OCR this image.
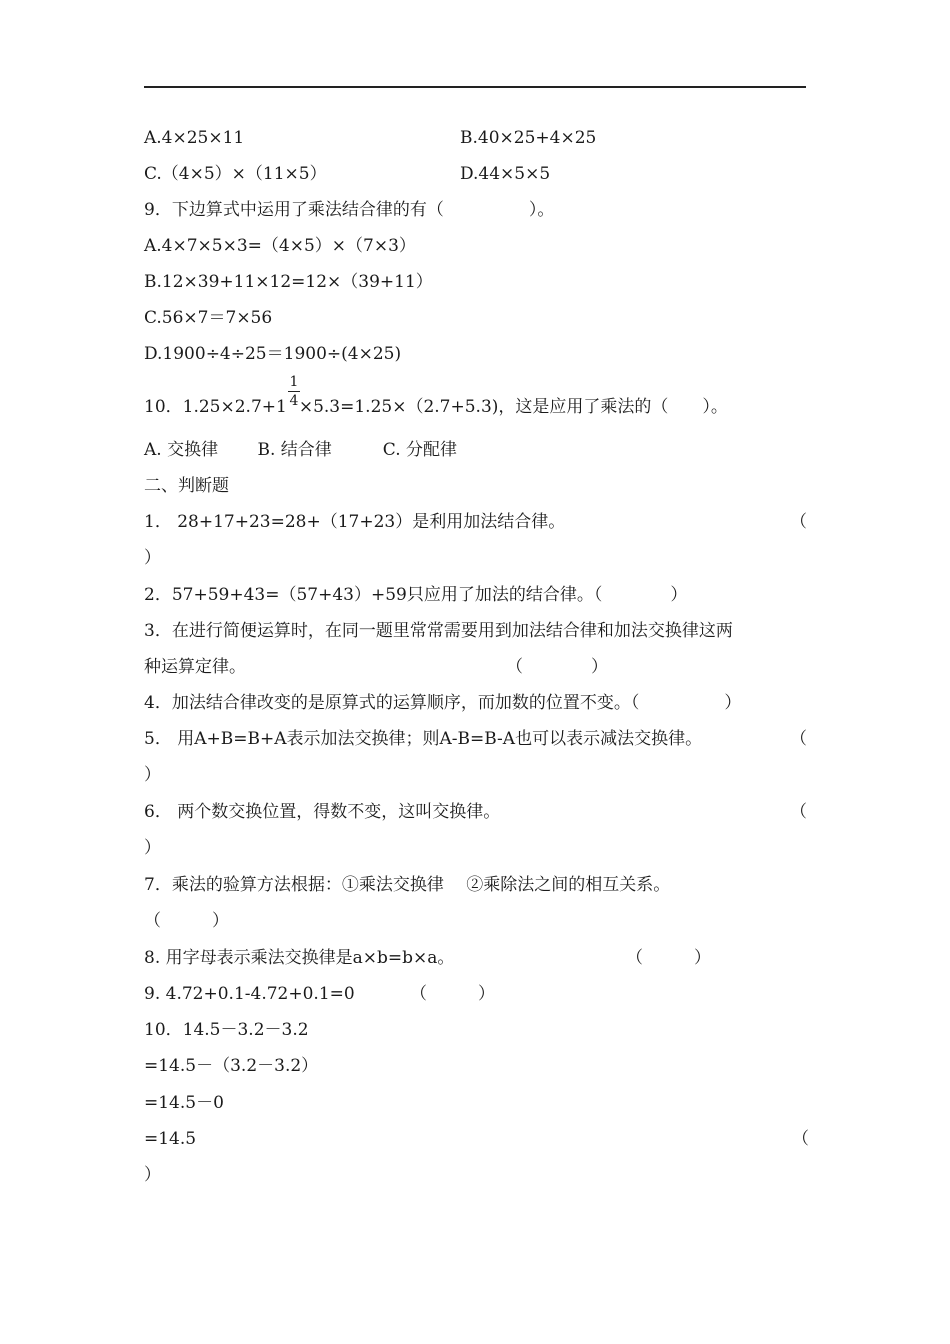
A.4×25×11	B.40×25+4×25
C.（4×5）×（11×5）	D.44×5×5
9．下边算式中运用了乘法结合律的有（　　　　　）。
A.4×7×5×3=（4×5）×（7×3）
B.12×39+11×12=12×（39+11）
C.56×7＝7×56
D.1900÷4÷25＝1900÷(4×25)
10．1.25×2.7+1 ×5.3=1.25×（2.7+5.3)，这是应用了乘法的（　　）。
1
4
A. 交换律　　 B. 结合律　　　C. 分配律
二、判断题
1． 28+17+23=28+（17+23）是利用加法结合律。	（
）
2．57+59+43=（57+43）+59只应用了加法的结合律。（　　　　）
3．在进行简便运算时，在同一题里常常需要用到加法结合律和加法交换律这两
种运算定律。	（　　　　）
4．加法结合律改变的是原算式的运算顺序，而加数的位置不变。（　　　　　）
5． 用A+B=B+A表示加法交换律；则A-B=B-A也可以表示减法交换律。	（
）
6． 两个数交换位置，得数不变，这叫交换律。	（
）
7．乘法的验算方法根据：①乘法交换律　 ②乘除法之间的相互关系。
（　　　）
8. 用字母表示乘法交换律是a×b=b×a。	（　　　）
9. 4.72+0.1-4.72+0.1=0	（　　　）
10．14.5－3.2－3.2
=14.5－（3.2－3.2）
=14.5－0
=14.5	（
）
